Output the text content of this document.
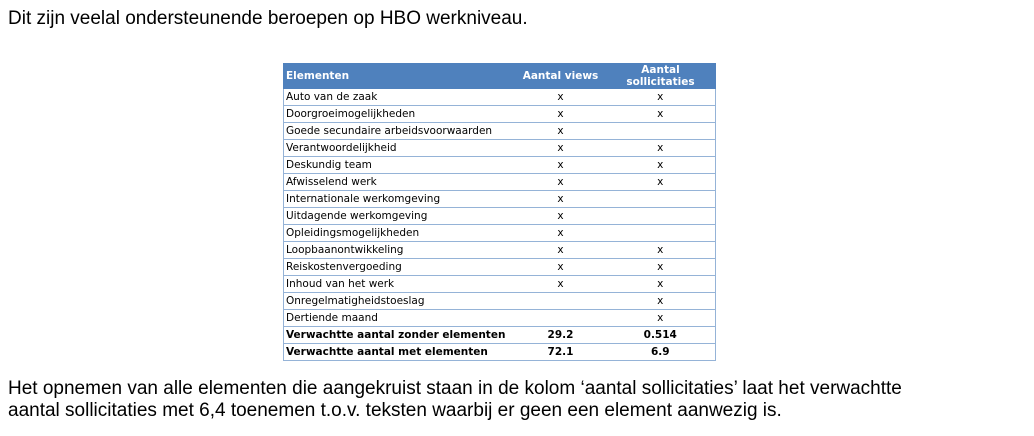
Dit zijn veelal ondersteunende beroepen op HBO werkniveau.
Elementen	Aantal views	Aantal sollicitaties
Auto van de zaak	x	x
Doorgroeimogelijkheden	x	x
Goede secundaire arbeidsvoorwaarden	x	
Verantwoordelijkheid	x	x
Deskundig team	x	x
Afwisselend werk	x	x
Internationale werkomgeving	x	
Uitdagende werkomgeving	x	
Opleidingsmogelijkheden	x	
Loopbaanontwikkeling	x	x
Reiskostenvergoeding	x	x
Inhoud van het werk	x	x
Onregelmatigheidstoeslag		x
Dertiende maand		x
Verwachtte aantal zonder elementen	29.2	0.514
Verwachtte aantal met elementen	72.1	6.9

Het opnemen van alle elementen die aangekruist staan in de kolom ‘aantal sollicitaties’ laat het verwachtte

aantal sollicitaties met 6,4 toenemen t.o.v. teksten waarbij er geen een element aanwezig is.
